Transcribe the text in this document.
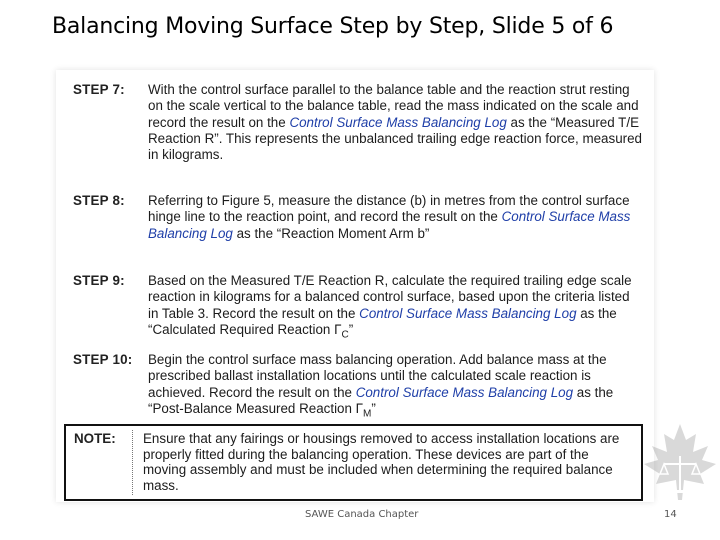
Balancing Moving Surface Step by Step, Slide 5 of 6
STEP 7: With the control surface parallel to the balance table and the reaction strut resting on the scale vertical to the balance table, read the mass indicated on the scale and record the result on the Control Surface Mass Balancing Log as the “Measured T/E Reaction R”. This represents the unbalanced trailing edge reaction force, measured in kilograms.
STEP 8: Referring to Figure 5, measure the distance (b) in metres from the control surface hinge line to the reaction point, and record the result on the Control Surface Mass Balancing Log as the “Reaction Moment Arm b”
STEP 9: Based on the Measured T/E Reaction R, calculate the required trailing edge scale reaction in kilograms for a balanced control surface, based upon the criteria listed in Table 3. Record the result on the Control Surface Mass Balancing Log as the “Calculated Required Reaction $\Gamma_C$”
STEP 10: Begin the control surface mass balancing operation. Add balance mass at the prescribed ballast installation locations until the calculated scale reaction is achieved. Record the result on the Control Surface Mass Balancing Log as the “Post-Balance Measured Reaction $\Gamma_M$”
NOTE: Ensure that any fairings or housings removed to access installation locations are properly fitted during the balancing operation. These devices are part of the moving assembly and must be included when determining the required balance mass.
SAWE Canada Chapter	14
